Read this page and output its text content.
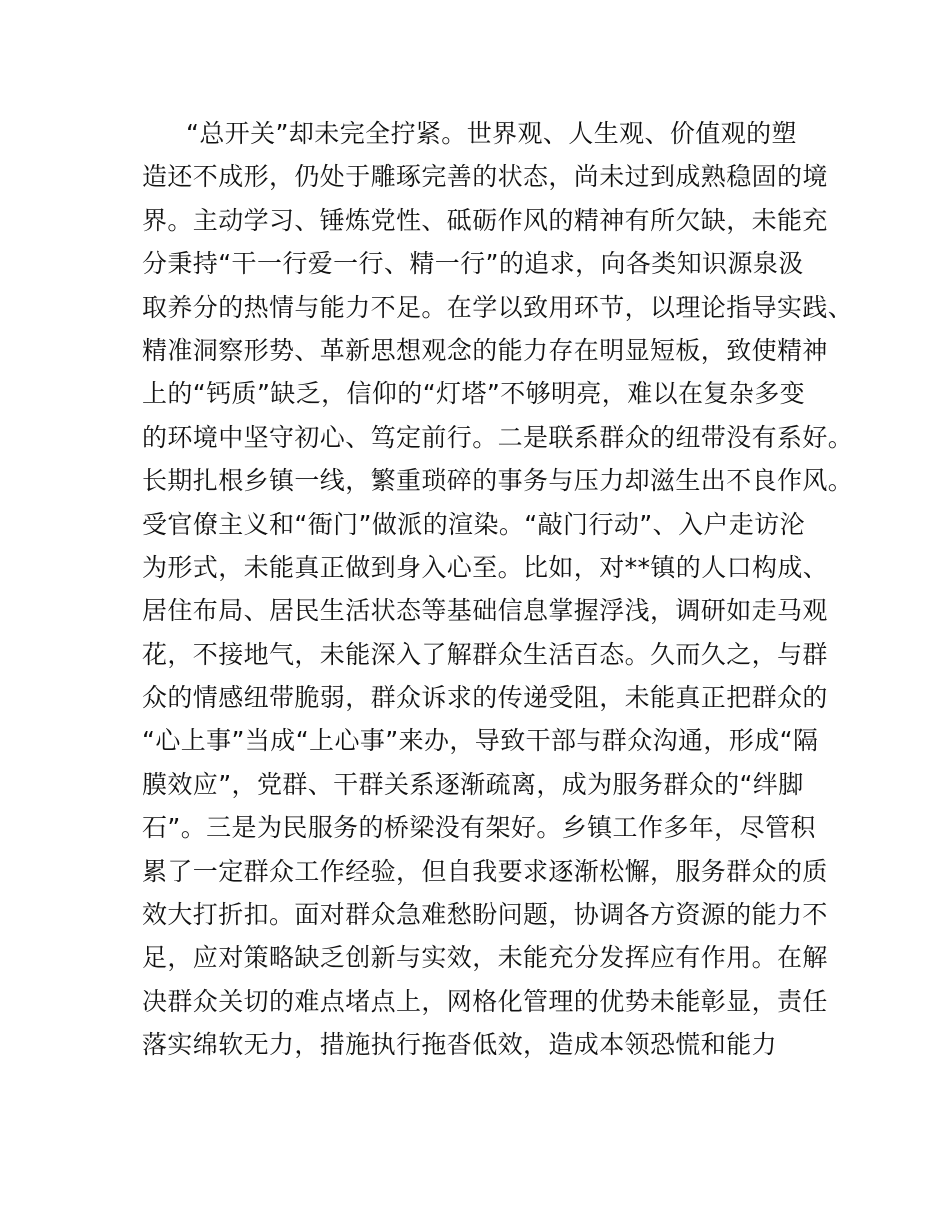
“总开关”却未完全拧紧。世界观、人生观、价值观的塑
造还不成形，仍处于雕琢完善的状态，尚未过到成熟稳固的境
界。主动学习、锤炼党性、砥砺作风的精神有所欠缺，未能充
分秉持“干一行爱一行、精一行”的追求，向各类知识源泉汲
取养分的热情与能力不足。在学以致用环节，以理论指导实践、
精准洞察形势、革新思想观念的能力存在明显短板，致使精神
上的“钙质”缺乏，信仰的“灯塔”不够明亮，难以在复杂多变
的环境中坚守初心、笃定前行。二是联系群众的纽带没有系好。
长期扎根乡镇一线，繁重琐碎的事务与压力却滋生出不良作风。
受官僚主义和“衙门”做派的渲染。“敲门行动”、入户走访沦
为形式，未能真正做到身入心至。比如，对**镇的人口构成、
居住布局、居民生活状态等基础信息掌握浮浅，调研如走马观
花，不接地气，未能深入了解群众生活百态。久而久之，与群
众的情感纽带脆弱，群众诉求的传递受阻，未能真正把群众的
“心上事”当成“上心事”来办，导致干部与群众沟通，形成“隔
膜效应”，党群、干群关系逐渐疏离，成为服务群众的“绊脚
石”。三是为民服务的桥梁没有架好。乡镇工作多年，尽管积
累了一定群众工作经验，但自我要求逐渐松懈，服务群众的质
效大打折扣。面对群众急难愁盼问题，协调各方资源的能力不
足，应对策略缺乏创新与实效，未能充分发挥应有作用。在解
决群众关切的难点堵点上，网格化管理的优势未能彰显，责任
落实绵软无力，措施执行拖沓低效，造成本领恐慌和能力
